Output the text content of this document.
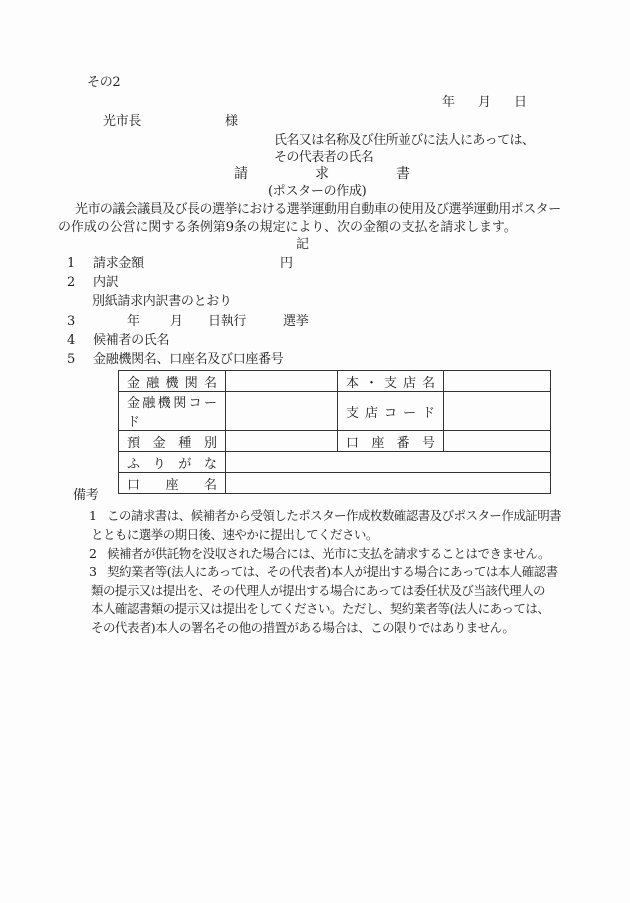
その2
年月日
光市長	様
氏名又は名称及び住所並びに法人にあっては、
その代表者の氏名
請求書
(ポスターの作成)
光市の議会議員及び長の選挙における選挙運動用自動車の使用及び選挙運動用ポスター
の作成の公営に関する条例第9条の規定により、次の金額の支払を請求します。
記
1 請求金額	円
2 内訳
別紙請求内訳書のとおり
3	年 月 日執行	選挙
4 候補者の氏名
5 金融機関名、口座名及び口座番号
金融機関名		本・支店名	
金融機関コード		支店コード	
預金種別		口座番号	
ふりがな			
口座名			
備考
1 この請求書は、候補者から受領したポスター作成枚数確認書及びポスター作成証明書
とともに選挙の期日後、速やかに提出してください。
2 候補者が供託物を没収された場合には、光市に支払を請求することはできません。
3 契約業者等(法人にあっては、その代表者)本人が提出する場合にあっては本人確認書
類の提示又は提出を、その代理人が提出する場合にあっては委任状及び当該代理人の
本人確認書類の提示又は提出をしてください。ただし、契約業者等(法人にあっては、
その代表者)本人の署名その他の措置がある場合は、この限りではありません。
